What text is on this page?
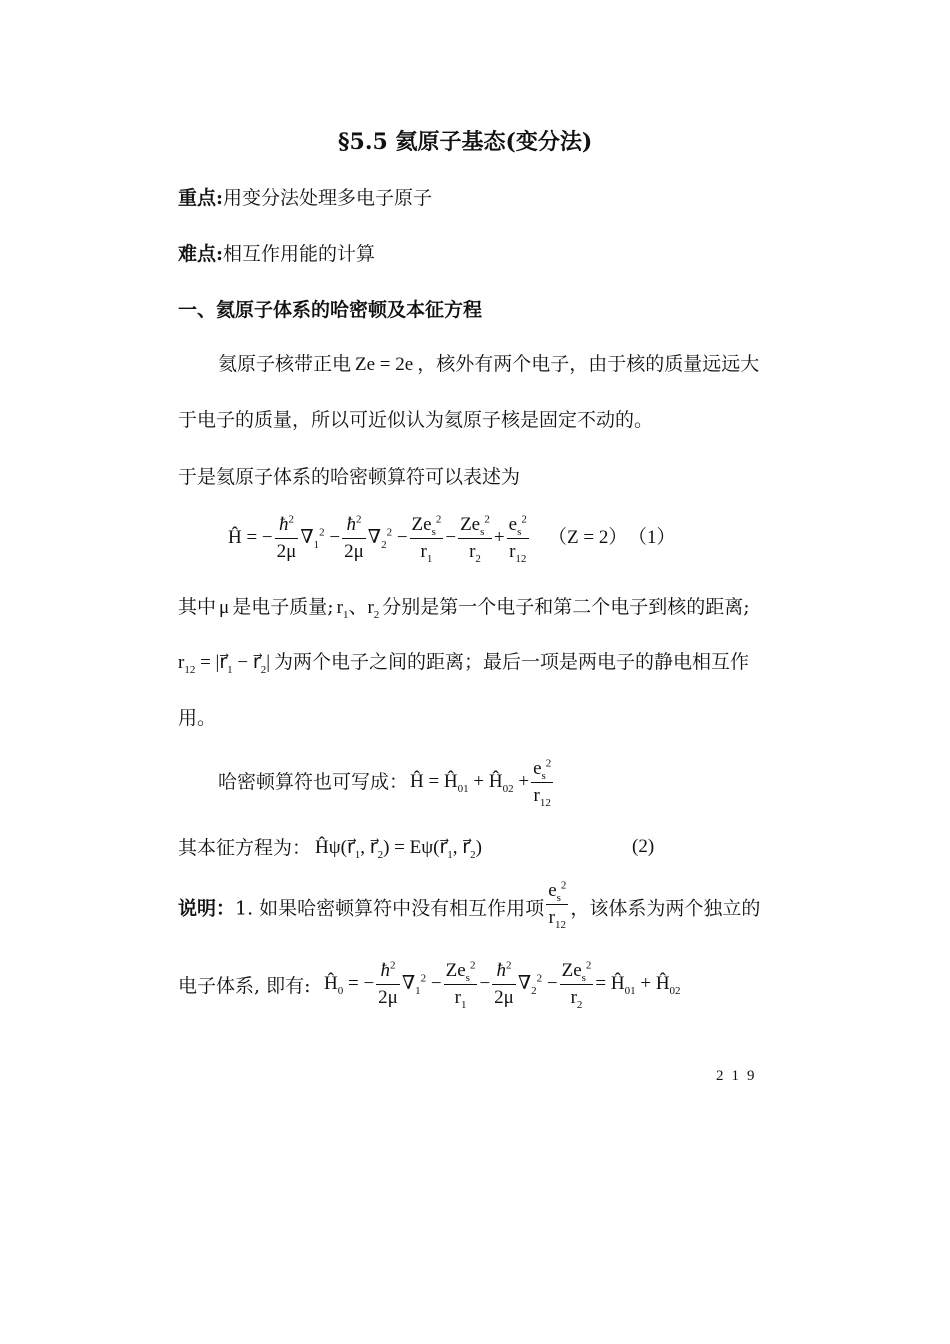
§5.5 氦原子基态(变分法)
重点:用变分法处理多电子原子
难点:相互作用能的计算
一、氦原子体系的哈密顿及本征方程
氦原子核带正电 Ze = 2e ，核外有两个电子，由于核的质量远远大
于电子的质量，所以可近似认为氦原子核是固定不动的。
于是氦原子体系的哈密顿算符可以表述为
Ĥ = − $\frac{ħ^2}{2\mu} \nabla_1^2 - \frac{ħ^2}{2\mu} \nabla_2^2 - \frac{Ze_s^2}{r_1} - \frac{Ze_s^2}{r_2} + \frac{e_s^2}{r_{12}} (Z = 2)$ （1）
其中 μ 是电子质量; $r_1$、$r_2$ 分别是第一个电子和第二个电子到核的距离;
$r_{12}$ = $|r⃗_1$ − $r⃗_2|$ 为两个电子之间的距离；最后一项是两电子的静电相互作
用。
哈密顿算符也可写成： Ĥ = $Ĥ_{01}$ + $Ĥ_{02} + \frac{e_s^2}{r_{12}}$
其本征方程为： $Ĥ\psi(r⃗_1$, $r⃗_2$) = $E\psi(r⃗_1$, $r⃗_2$)	(2)
说明：1. 如果哈密顿算符中没有相互作用项 $\frac{e_s^2}{r_{12}}$ ，该体系为两个独立的
电子体系, 即有: $Ĥ_0$ = − $\frac{ħ^2}{2\mu} \nabla_1^2 - \frac{Ze_s^2}{r_1} - \frac{ħ^2}{2\mu} \nabla_2^2 - \frac{Ze_s^2}{r_2}$ = $Ĥ_{01}$ + $Ĥ_{02}$
219
